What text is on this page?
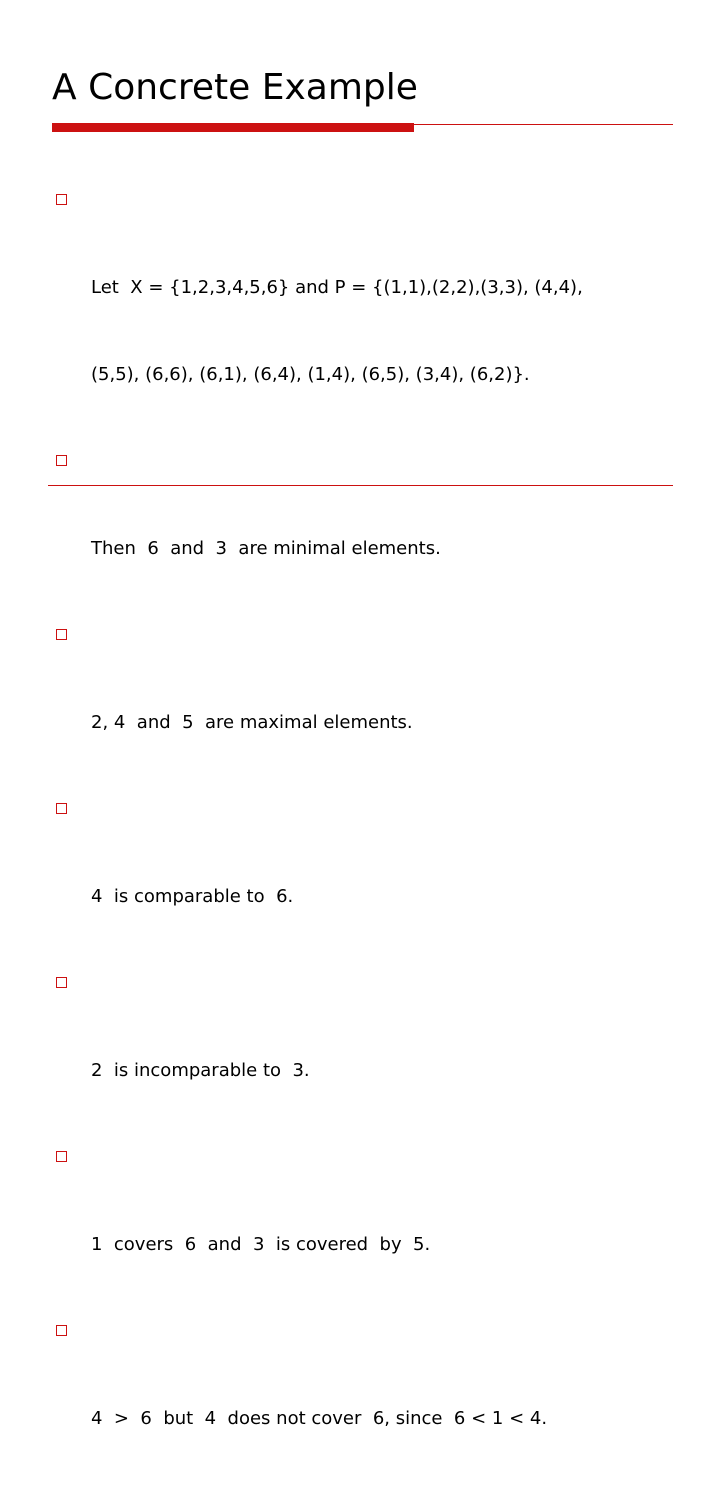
A Concrete Example

Let  X = {1,2,3,4,5,6} and P = {(1,1),(2,2),(3,3), (4,4),

(5,5), (6,6), (6,1), (6,4), (1,4), (6,5), (3,4), (6,2)}.

Then  6  and  3  are minimal elements.

2, 4  and  5  are maximal elements.

4  is comparable to  6.

2  is incomparable to  3.

1  covers  6  and  3  is covered  by  5.

4  >  6  but  4  does not cover  6, since  6 < 1 < 4.
